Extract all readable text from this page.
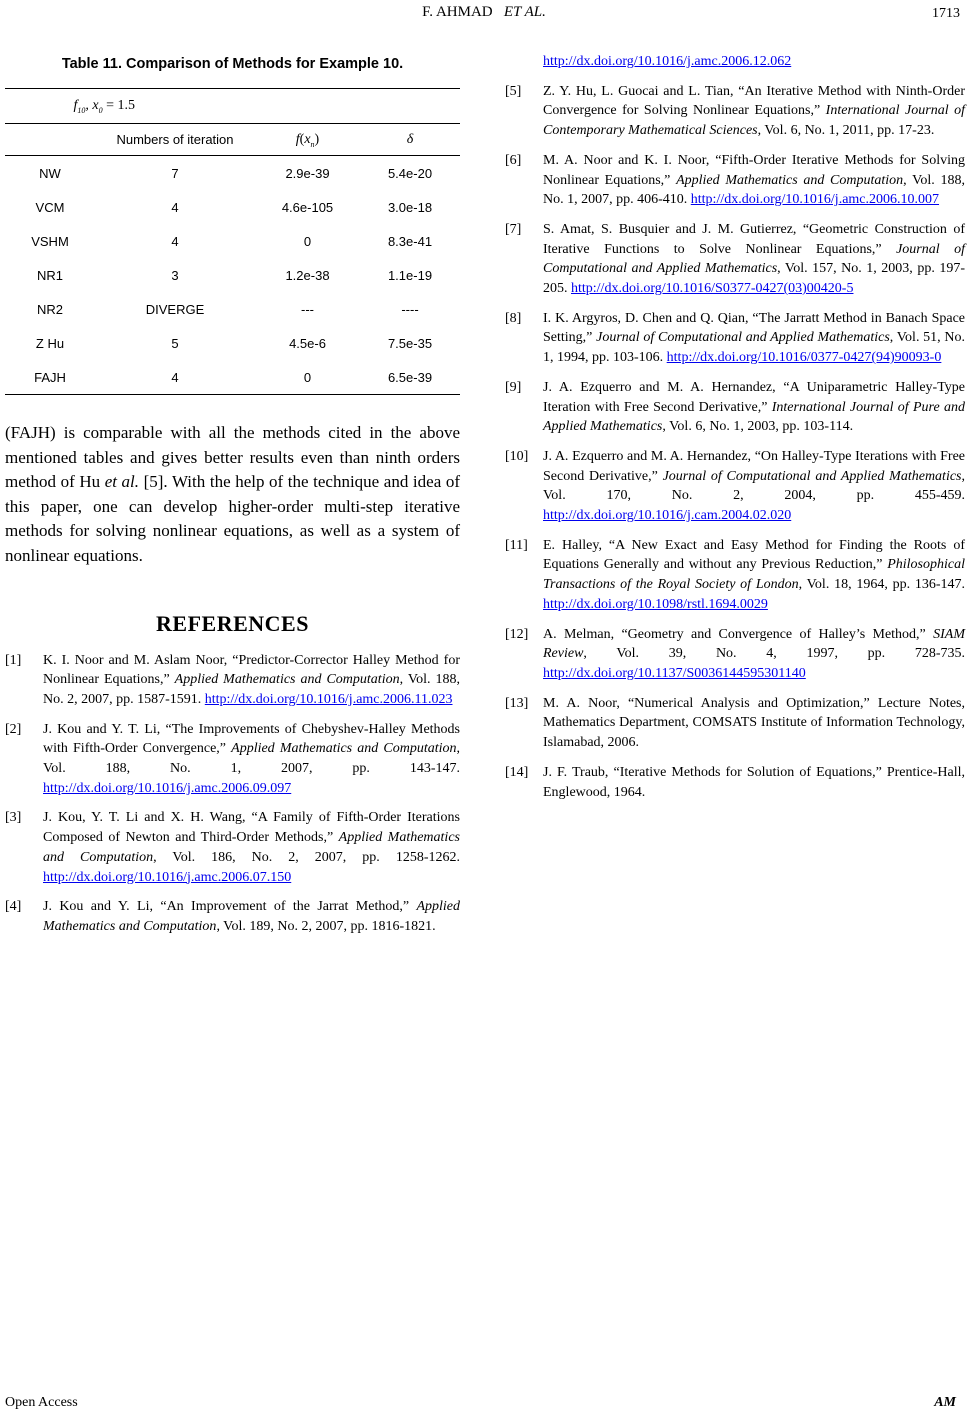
F. AHMAD ET AL.	1713
Table 11. Comparison of Methods for Example 10.
$f_{10}$, $x_0 = 1.5$			
	Numbers of iteration	$f(x_n)$	δ
NW	7	2.9e-39	5.4e-20
VCM	4	4.6e-105	3.0e-18
VSHM	4	0	8.3e-41
NR1	3	1.2e-38	1.1e-19
NR2	DIVERGE	---	----
Z Hu	5	4.5e-6	7.5e-35
FAJH	4	0	6.5e-39

(FAJH) is comparable with all the methods cited in the above mentioned tables and gives better results even than ninth orders method of Hu et al. [5]. With the help of the technique and idea of this paper, one can develop higher-order multi-step iterative methods for solving nonlinear equations, as well as a system of nonlinear equations.

REFERENCES
[1]	K. I. Noor and M. Aslam Noor, “Predictor-Corrector Halley Method for Nonlinear Equations,” Applied Mathematics and Computation, Vol. 188, No. 2, 2007, pp. 1587-1591. http://dx.doi.org/10.1016/j.amc.2006.11.023
[2]	J. Kou and Y. T. Li, “The Improvements of Chebyshev-Halley Methods with Fifth-Order Convergence,” Applied Mathematics and Computation, Vol. 188, No. 1, 2007, pp. 143-147. http://dx.doi.org/10.1016/j.amc.2006.09.097
[3]	J. Kou, Y. T. Li and X. H. Wang, “A Family of Fifth-Order Iterations Composed of Newton and Third-Order Methods,” Applied Mathematics and Computation, Vol. 186, No. 2, 2007, pp. 1258-1262. http://dx.doi.org/10.1016/j.amc.2006.07.150
[4]	J. Kou and Y. Li, “An Improvement of the Jarrat Method,” Applied Mathematics and Computation, Vol. 189, No. 2, 2007, pp. 1816-1821.
http://dx.doi.org/10.1016/j.amc.2006.12.062
[5]	Z. Y. Hu, L. Guocai and L. Tian, “An Iterative Method with Ninth-Order Convergence for Solving Nonlinear Equations,” International Journal of Contemporary Mathematical Sciences, Vol. 6, No. 1, 2011, pp. 17-23.
[6]	M. A. Noor and K. I. Noor, “Fifth-Order Iterative Methods for Solving Nonlinear Equations,” Applied Mathematics and Computation, Vol. 188, No. 1, 2007, pp. 406-410. http://dx.doi.org/10.1016/j.amc.2006.10.007
[7]	S. Amat, S. Busquier and J. M. Gutierrez, “Geometric Construction of Iterative Functions to Solve Nonlinear Equations,” Journal of Computational and Applied Mathematics, Vol. 157, No. 1, 2003, pp. 197-205. http://dx.doi.org/10.1016/S0377-0427(03)00420-5
[8]	I. K. Argyros, D. Chen and Q. Qian, “The Jarratt Method in Banach Space Setting,” Journal of Computational and Applied Mathematics, Vol. 51, No. 1, 1994, pp. 103-106. http://dx.doi.org/10.1016/0377-0427(94)90093-0
[9]	J. A. Ezquerro and M. A. Hernandez, “A Uniparametric Halley-Type Iteration with Free Second Derivative,” International Journal of Pure and Applied Mathematics, Vol. 6, No. 1, 2003, pp. 103-114.
[10]	J. A. Ezquerro and M. A. Hernandez, “On Halley-Type Iterations with Free Second Derivative,” Journal of Computational and Applied Mathematics, Vol. 170, No. 2, 2004, pp. 455-459. http://dx.doi.org/10.1016/j.cam.2004.02.020
[11]	E. Halley, “A New Exact and Easy Method for Finding the Roots of Equations Generally and without any Previous Reduction,” Philosophical Transactions of the Royal Society of London, Vol. 18, 1964, pp. 136-147. http://dx.doi.org/10.1098/rstl.1694.0029
[12]	A. Melman, “Geometry and Convergence of Halley’s Method,” SIAM Review, Vol. 39, No. 4, 1997, pp. 728-735. http://dx.doi.org/10.1137/S0036144595301140
[13]	M. A. Noor, “Numerical Analysis and Optimization,” Lecture Notes, Mathematics Department, COMSATS Institute of Information Technology, Islamabad, 2006.
[14]	J. F. Traub, “Iterative Methods for Solution of Equations,” Prentice-Hall, Englewood, 1964.
Open Access	AM
